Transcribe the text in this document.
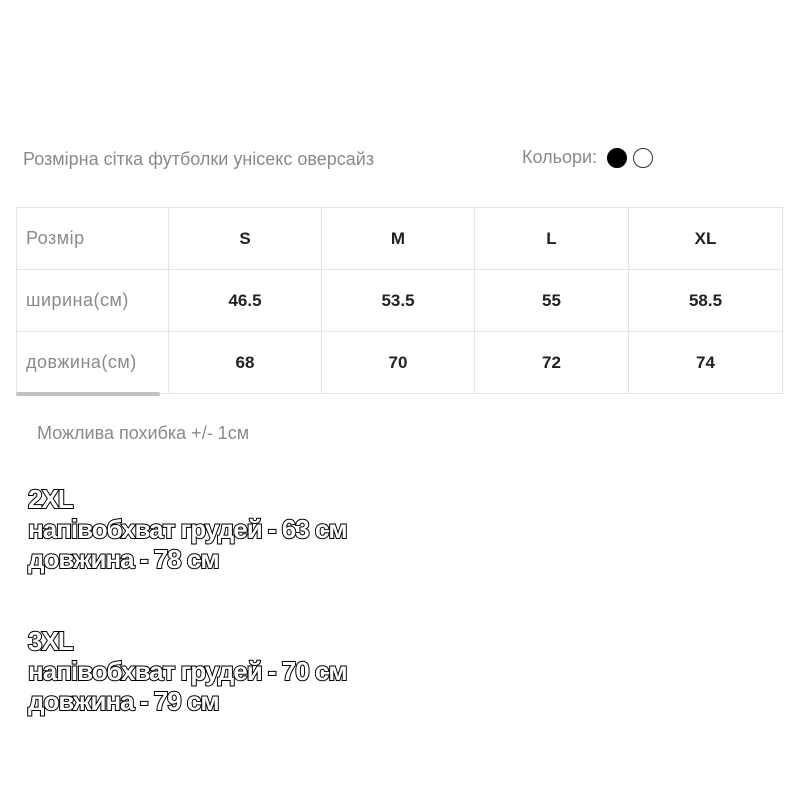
Розмірна сітка футболки унісекс оверсайз	Кольори:
Розмір	S	M	L	XL
ширина(см)	46.5	53.5	55	58.5
довжина(см)	68	70	72	74
Можлива похибка +/- 1см
2XL
напівобхват грудей - 63 см
довжина - 78 см
3XL
напівобхват грудей - 70 см
довжина - 79 см
